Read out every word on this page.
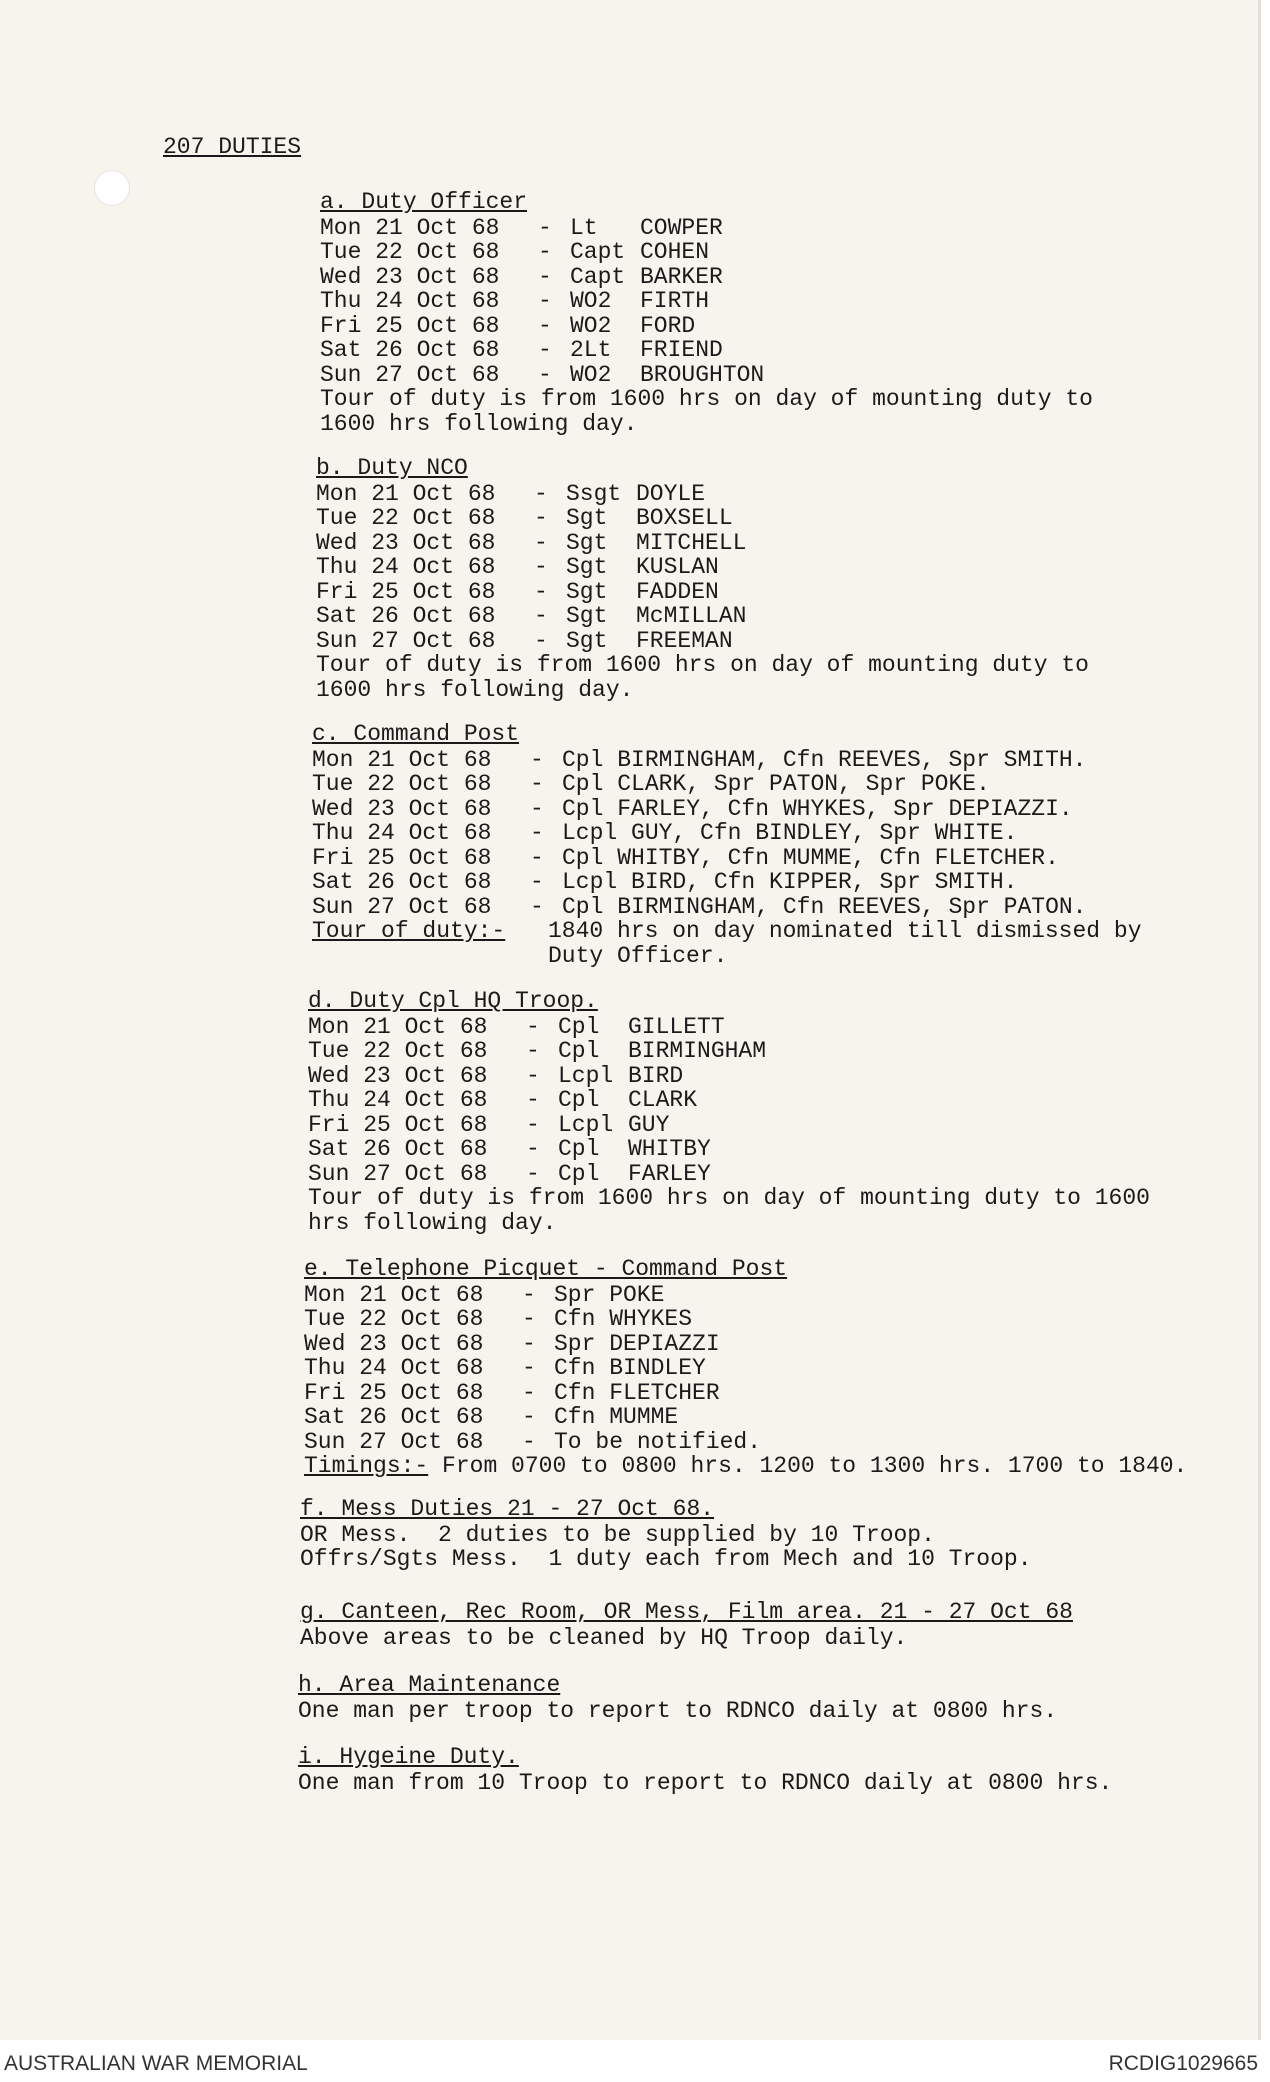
207 DUTIES
a. Duty Officer
Mon 21 Oct 68	- Lt	COWPER
Tue 22 Oct 68	- Capt COHEN
Wed 23 Oct 68	- Capt BARKER
Thu 24 Oct 68	- WO2	FIRTH
Fri 25 Oct 68	- WO2	FORD
Sat 26 Oct 68	- 2Lt	FRIEND
Sun 27 Oct 68	- WO2	BROUGHTON
Tour of duty is from 1600 hrs on day of mounting duty to
1600 hrs following day.
b. Duty NCO
Mon 21 Oct 68	- Ssgt DOYLE
Tue 22 Oct 68	- Sgt	BOXSELL
Wed 23 Oct 68	- Sgt	MITCHELL
Thu 24 Oct 68	- Sgt	KUSLAN
Fri 25 Oct 68	- Sgt	FADDEN
Sat 26 Oct 68	- Sgt	McMILLAN
Sun 27 Oct 68	- Sgt	FREEMAN
Tour of duty is from 1600 hrs on day of mounting duty to
1600 hrs following day.
c. Command Post
Mon 21 Oct 68	- Cpl BIRMINGHAM, Cfn REEVES, Spr SMITH.
Tue 22 Oct 68	- Cpl CLARK, Spr PATON, Spr POKE.
Wed 23 Oct 68	- Cpl FARLEY, Cfn WHYKES, Spr DEPIAZZI.
Thu 24 Oct 68	- Lcpl GUY, Cfn BINDLEY, Spr WHITE.
Fri 25 Oct 68	- Cpl WHITBY, Cfn MUMME, Cfn FLETCHER.
Sat 26 Oct 68	- Lcpl BIRD, Cfn KIPPER, Spr SMITH.
Sun 27 Oct 68	- Cpl BIRMINGHAM, Cfn REEVES, Spr PATON.
Tour of duty:-	1840 hrs on day nominated till dismissed by
Duty Officer.
d. Duty Cpl HQ Troop.
Mon 21 Oct 68	- Cpl	GILLETT
Tue 22 Oct 68	- Cpl	BIRMINGHAM
Wed 23 Oct 68	- Lcpl BIRD
Thu 24 Oct 68	- Cpl	CLARK
Fri 25 Oct 68	- Lcpl GUY
Sat 26 Oct 68	- Cpl	WHITBY
Sun 27 Oct 68	- Cpl	FARLEY
Tour of duty is from 1600 hrs on day of mounting duty to 1600
hrs following day.
e. Telephone Picquet - Command Post
Mon 21 Oct 68	- Spr POKE
Tue 22 Oct 68	- Cfn WHYKES
Wed 23 Oct 68	- Spr DEPIAZZI
Thu 24 Oct 68	- Cfn BINDLEY
Fri 25 Oct 68	- Cfn FLETCHER
Sat 26 Oct 68	- Cfn MUMME
Sun 27 Oct 68	- To be notified.
Timings:- From 0700 to 0800 hrs. 1200 to 1300 hrs. 1700 to 1840.
f. Mess Duties 21 - 27 Oct 68.
OR Mess.  2 duties to be supplied by 10 Troop.
Offrs/Sgts Mess.  1 duty each from Mech and 10 Troop.
g. Canteen, Rec Room, OR Mess, Film area. 21 - 27 Oct 68
Above areas to be cleaned by HQ Troop daily.
h. Area Maintenance
One man per troop to report to RDNCO daily at 0800 hrs.
i. Hygeine Duty.
One man from 10 Troop to report to RDNCO daily at 0800 hrs.
AUSTRALIAN WAR MEMORIAL	RCDIG1029665
